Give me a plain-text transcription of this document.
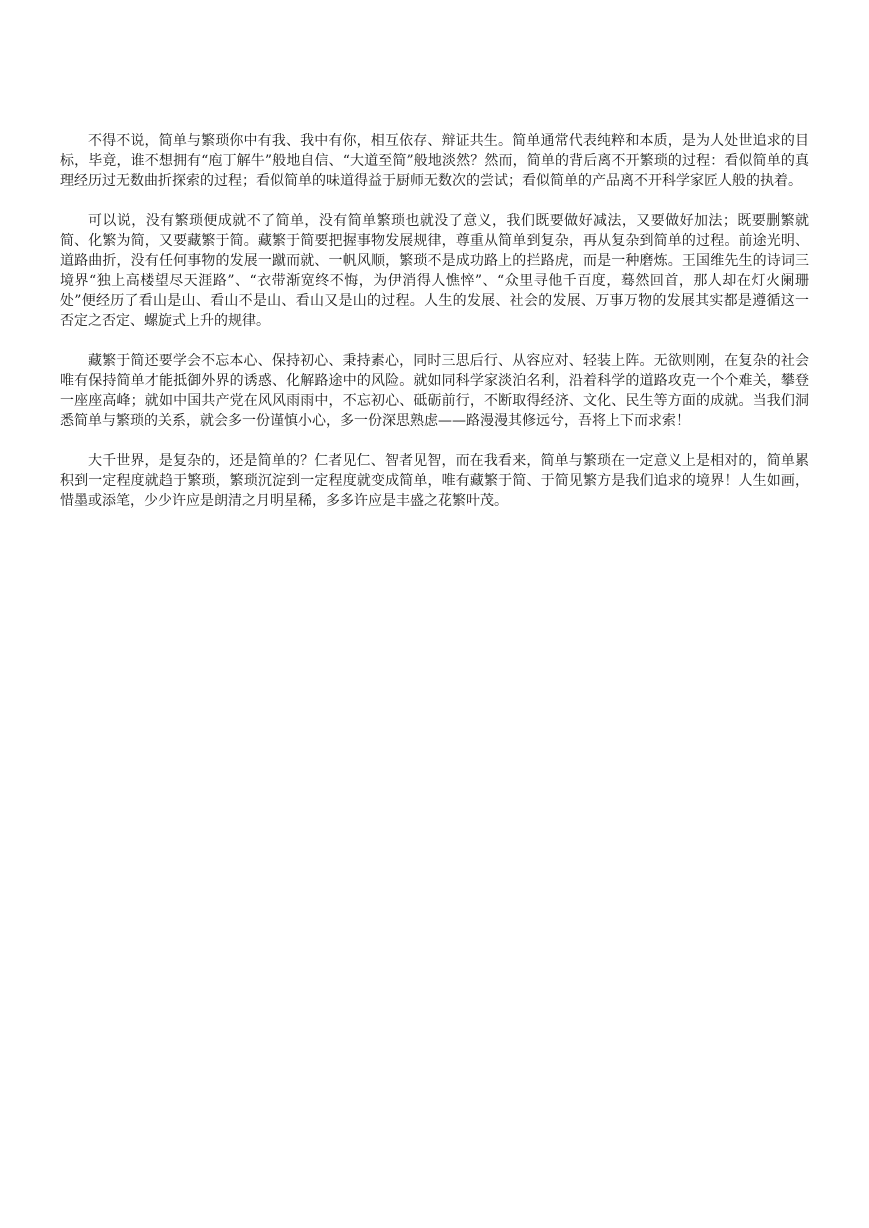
不得不说，简单与繁琐你中有我、我中有你，相互依存、辩证共生。简单通常代表纯粹和本质，是为人处世追求的目标，毕竟，谁不想拥有“庖丁解牛”般地自信、“大道至简”般地淡然？然而，简单的背后离不开繁琐的过程：看似简单的真理经历过无数曲折探索的过程；看似简单的味道得益于厨师无数次的尝试；看似简单的产品离不开科学家匠人般的执着。

可以说，没有繁琐便成就不了简单，没有简单繁琐也就没了意义，我们既要做好减法，又要做好加法；既要删繁就简、化繁为简，又要藏繁于简。藏繁于简要把握事物发展规律，尊重从简单到复杂，再从复杂到简单的过程。前途光明、道路曲折，没有任何事物的发展一蹴而就、一帆风顺，繁琐不是成功路上的拦路虎，而是一种磨炼。王国维先生的诗词三境界“独上高楼望尽天涯路”、“衣带渐宽终不悔，为伊消得人憔悴”、“众里寻他千百度，蓦然回首，那人却在灯火阑珊处”便经历了看山是山、看山不是山、看山又是山的过程。人生的发展、社会的发展、万事万物的发展其实都是遵循这一否定之否定、螺旋式上升的规律。

藏繁于简还要学会不忘本心、保持初心、秉持素心，同时三思后行、从容应对、轻装上阵。无欲则刚，在复杂的社会唯有保持简单才能抵御外界的诱惑、化解路途中的风险。就如同科学家淡泊名利，沿着科学的道路攻克一个个难关，攀登一座座高峰；就如中国共产党在风风雨雨中，不忘初心、砥砺前行，不断取得经济、文化、民生等方面的成就。当我们洞悉简单与繁琐的关系，就会多一份谨慎小心，多一份深思熟虑——路漫漫其修远兮，吾将上下而求索！

大千世界，是复杂的，还是简单的？仁者见仁、智者见智，而在我看来，简单与繁琐在一定意义上是相对的，简单累积到一定程度就趋于繁琐，繁琐沉淀到一定程度就变成简单，唯有藏繁于简、于简见繁方是我们追求的境界！人生如画，惜墨或添笔，少少许应是朗清之月明星稀，多多许应是丰盛之花繁叶茂。
